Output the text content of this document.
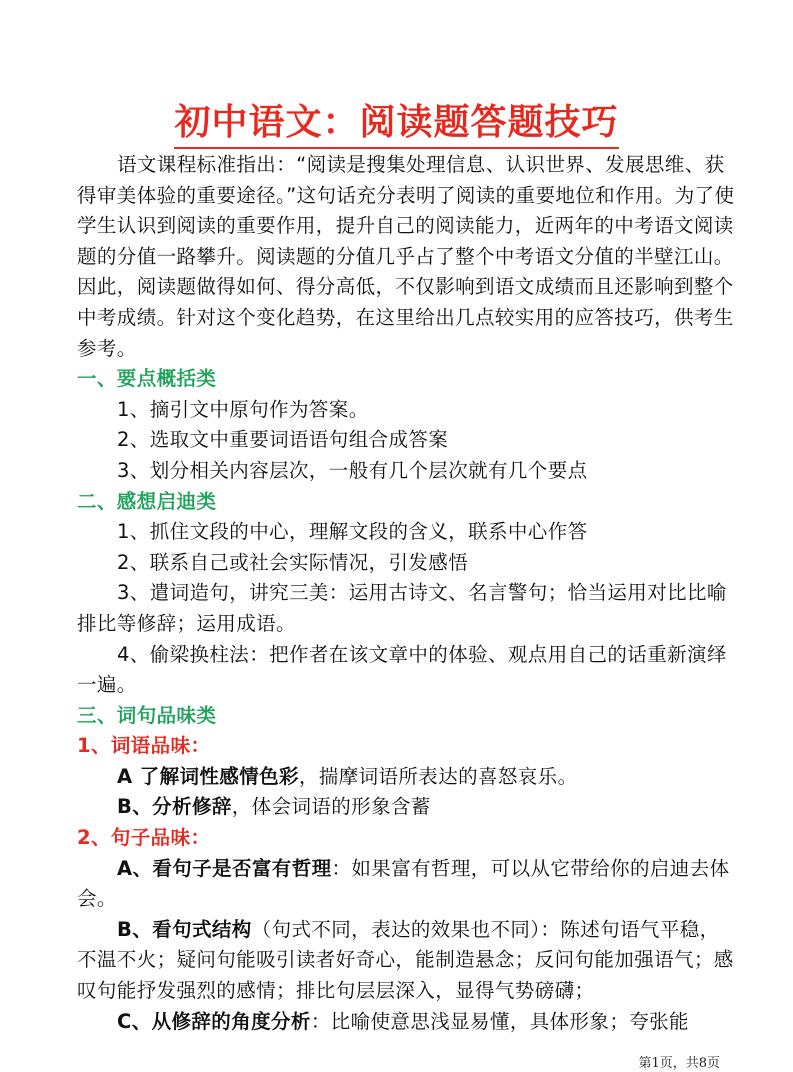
初中语文：阅读题答题技巧

语文课程标准指出：“阅读是搜集处理信息、认识世界、发展思维、获得审美体验的重要途径。”这句话充分表明了阅读的重要地位和作用。为了使学生认识到阅读的重要作用，提升自己的阅读能力，近两年的中考语文阅读题的分值一路攀升。阅读题的分值几乎占了整个中考语文分值的半壁江山。因此，阅读题做得如何、得分高低，不仅影响到语文成绩而且还影响到整个中考成绩。针对这个变化趋势，在这里给出几点较实用的应答技巧，供考生参考。

一、要点概括类

1、摘引文中原句作为答案。

2、选取文中重要词语语句组合成答案

3、划分相关内容层次，一般有几个层次就有几个要点

二、感想启迪类

1、抓住文段的中心，理解文段的含义，联系中心作答

2、联系自己或社会实际情况，引发感悟

3、遣词造句，讲究三美：运用古诗文、名言警句；恰当运用对比比喻排比等修辞；运用成语。

4、偷梁换柱法：把作者在该文章中的体验、观点用自己的话重新演绎一遍。

三、词句品味类

1、词语品味：

A 了解词性感情色彩，揣摩词语所表达的喜怒哀乐。

B、分析修辞，体会词语的形象含蓄

2、句子品味：

A、看句子是否富有哲理：如果富有哲理，可以从它带给你的启迪去体会。

B、看句式结构（句式不同，表达的效果也不同）：陈述句语气平稳，不温不火；疑问句能吸引读者好奇心，能制造悬念；反问句能加强语气；感叹句能抒发强烈的感情；排比句层层深入，显得气势磅礴；

C、从修辞的角度分析：比喻使意思浅显易懂，具体形象；夸张能

第1页，共8页
